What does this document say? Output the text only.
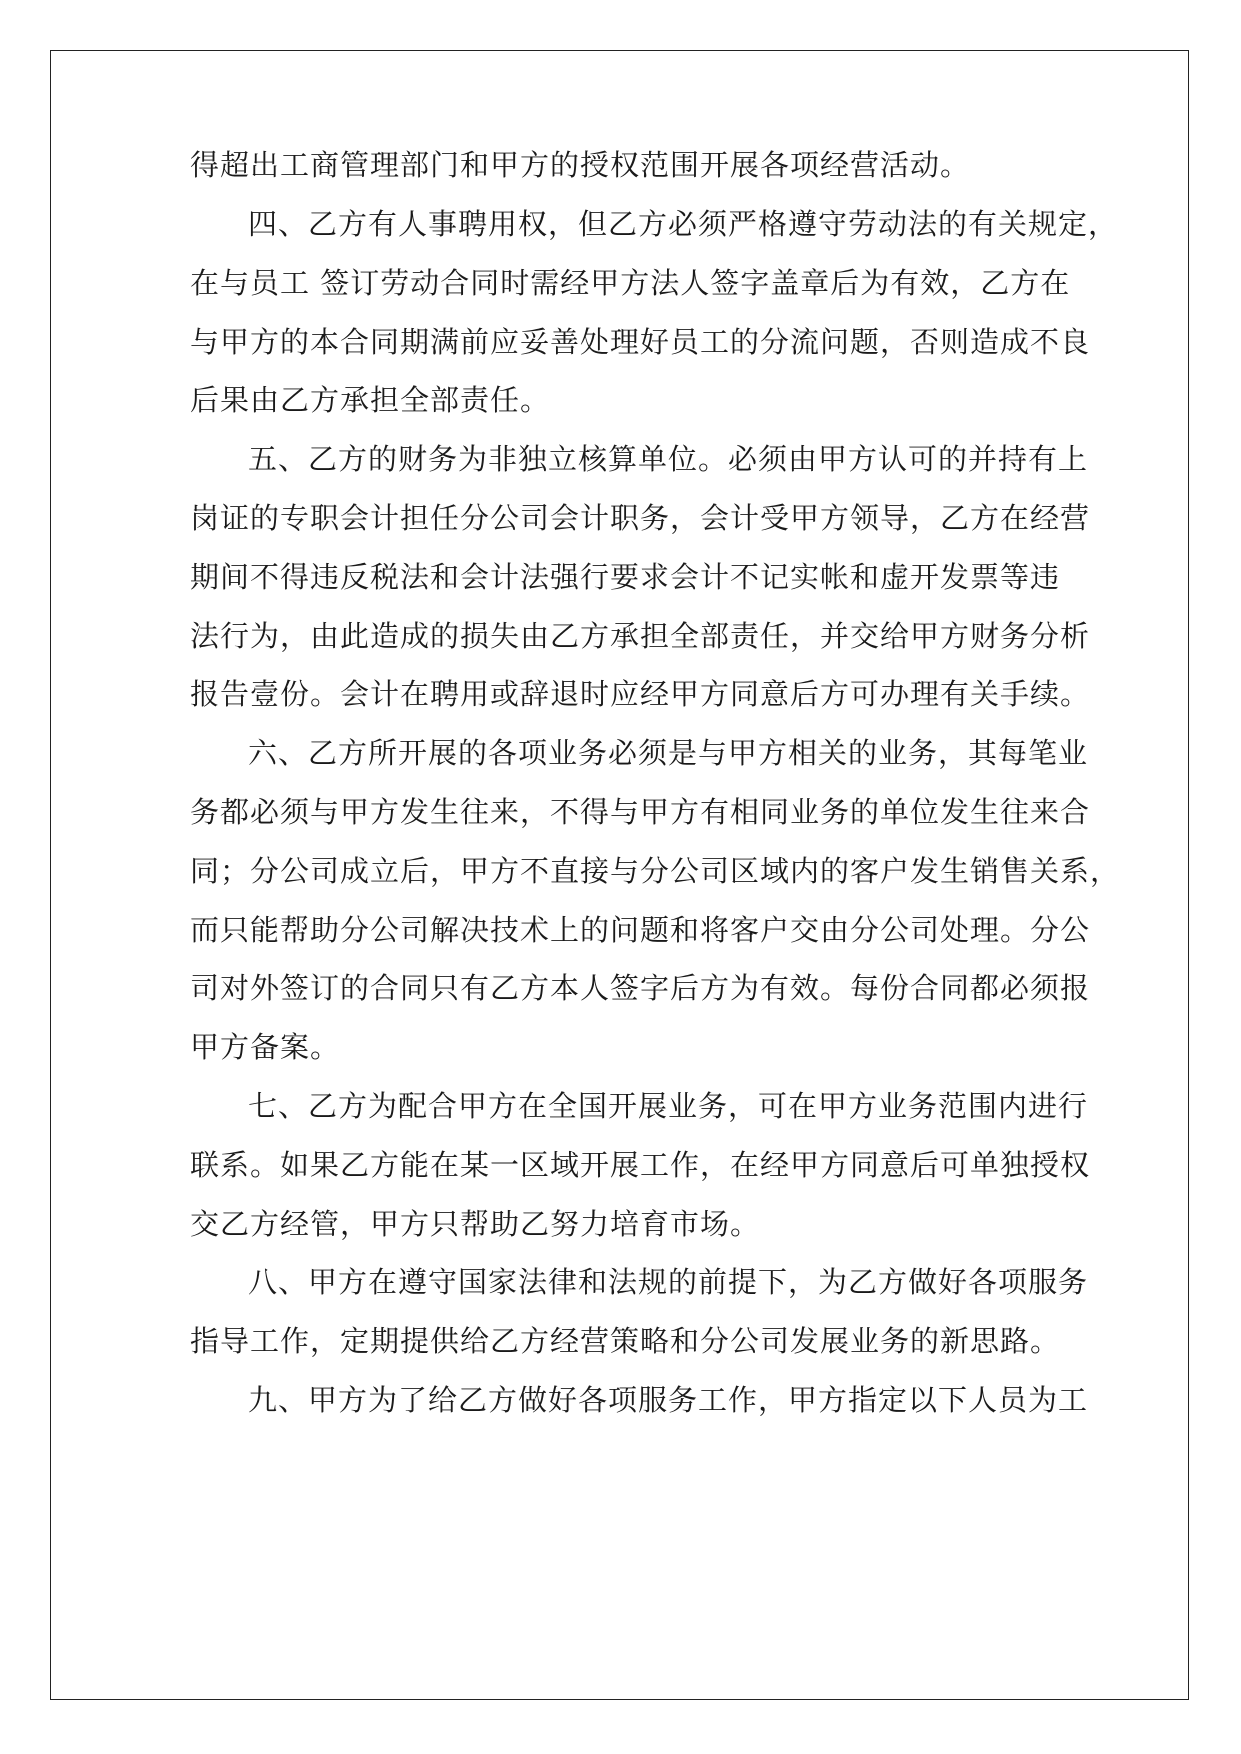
得超出工商管理部门和甲方的授权范围开展各项经营活动。
四、乙方有人事聘用权，但乙方必须严格遵守劳动法的有关规定，
在与员工 签订劳动合同时需经甲方法人签字盖章后为有效，乙方在
与甲方的本合同期满前应妥善处理好员工的分流问题，否则造成不良
后果由乙方承担全部责任。
五、乙方的财务为非独立核算单位。必须由甲方认可的并持有上
岗证的专职会计担任分公司会计职务，会计受甲方领导，乙方在经营
期间不得违反税法和会计法强行要求会计不记实帐和虚开发票等违
法行为，由此造成的损失由乙方承担全部责任，并交给甲方财务分析
报告壹份。会计在聘用或辞退时应经甲方同意后方可办理有关手续。
六、乙方所开展的各项业务必须是与甲方相关的业务，其每笔业
务都必须与甲方发生往来，不得与甲方有相同业务的单位发生往来合
同；分公司成立后，甲方不直接与分公司区域内的客户发生销售关系，
而只能帮助分公司解决技术上的问题和将客户交由分公司处理。分公
司对外签订的合同只有乙方本人签字后方为有效。每份合同都必须报
甲方备案。
七、乙方为配合甲方在全国开展业务，可在甲方业务范围内进行
联系。如果乙方能在某一区域开展工作，在经甲方同意后可单独授权
交乙方经管，甲方只帮助乙努力培育市场。
八、甲方在遵守国家法律和法规的前提下，为乙方做好各项服务
指导工作，定期提供给乙方经营策略和分公司发展业务的新思路。
九、甲方为了给乙方做好各项服务工作，甲方指定以下人员为工
